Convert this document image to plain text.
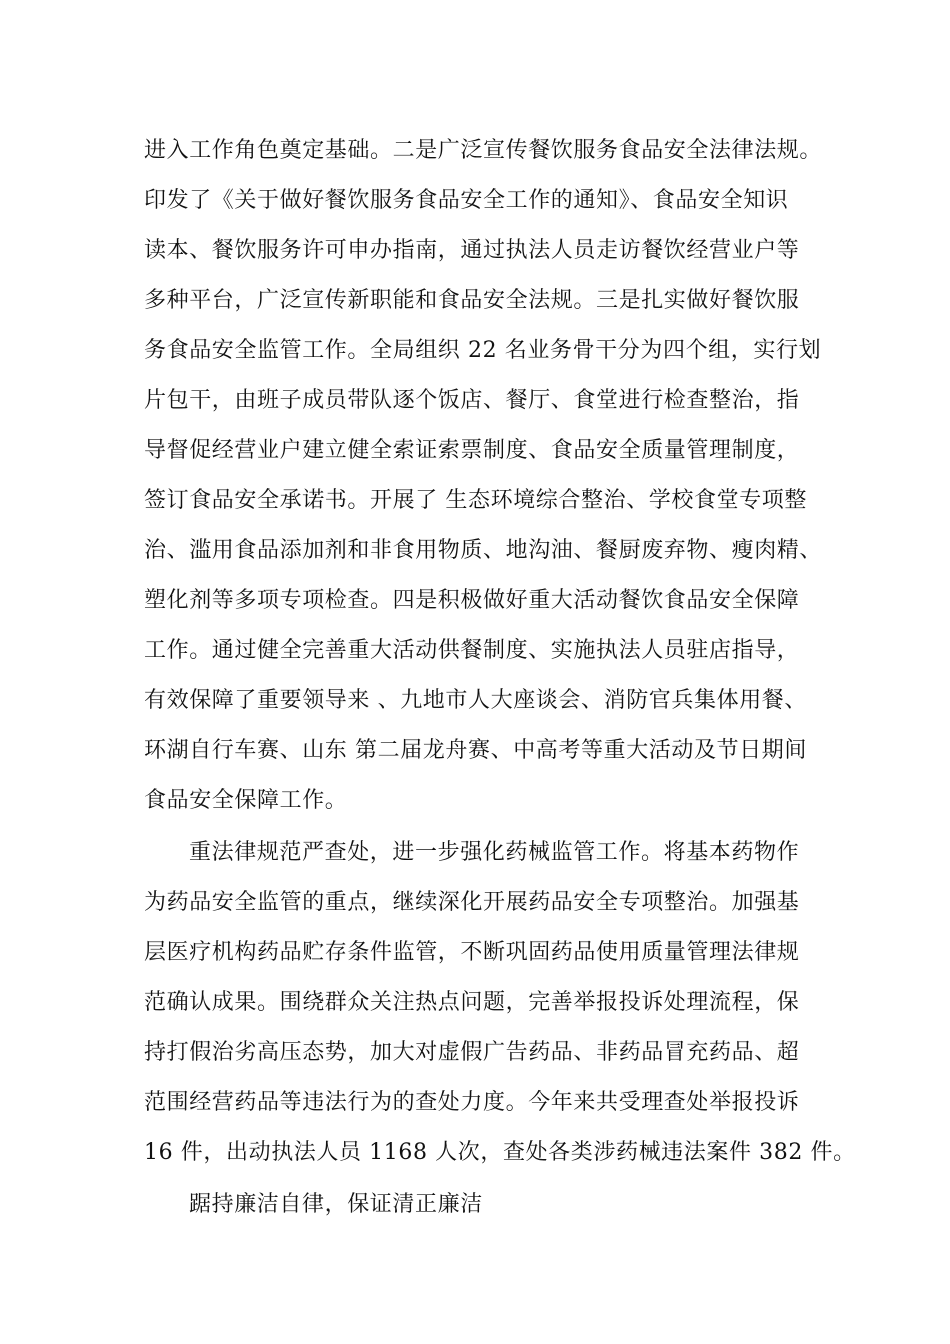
进入工作角色奠定基础。二是广泛宣传餐饮服务食品安全法律法规。
印发了《关于做好餐饮服务食品安全工作的通知》、食品安全知识
读本、餐饮服务许可申办指南，通过执法人员走访餐饮经营业户等
多种平台，广泛宣传新职能和食品安全法规。三是扎实做好餐饮服
务食品安全监管工作。全局组织 22 名业务骨干分为四个组，实行划
片包干，由班子成员带队逐个饭店、餐厅、食堂进行检查整治，指
导督促经营业户建立健全索证索票制度、食品安全质量管理制度，
签订食品安全承诺书。开展了 生态环境综合整治、学校食堂专项整
治、滥用食品添加剂和非食用物质、地沟油、餐厨废弃物、瘦肉精、
塑化剂等多项专项检查。四是积极做好重大活动餐饮食品安全保障
工作。通过健全完善重大活动供餐制度、实施执法人员驻店指导，
有效保障了重要领导来 、九地市人大座谈会、消防官兵集体用餐、
环湖自行车赛、山东 第二届龙舟赛、中高考等重大活动及节日期间
食品安全保障工作。
重法律规范严查处，进一步强化药械监管工作。将基本药物作
为药品安全监管的重点，继续深化开展药品安全专项整治。加强基
层医疗机构药品贮存条件监管，不断巩固药品使用质量管理法律规
范确认成果。围绕群众关注热点问题，完善举报投诉处理流程，保
持打假治劣高压态势，加大对虚假广告药品、非药品冒充药品、超
范围经营药品等违法行为的查处力度。今年来共受理查处举报投诉
16 件，出动执法人员 1168 人次，查处各类涉药械违法案件 382 件。
踞持廉洁自律，保证清正廉洁
